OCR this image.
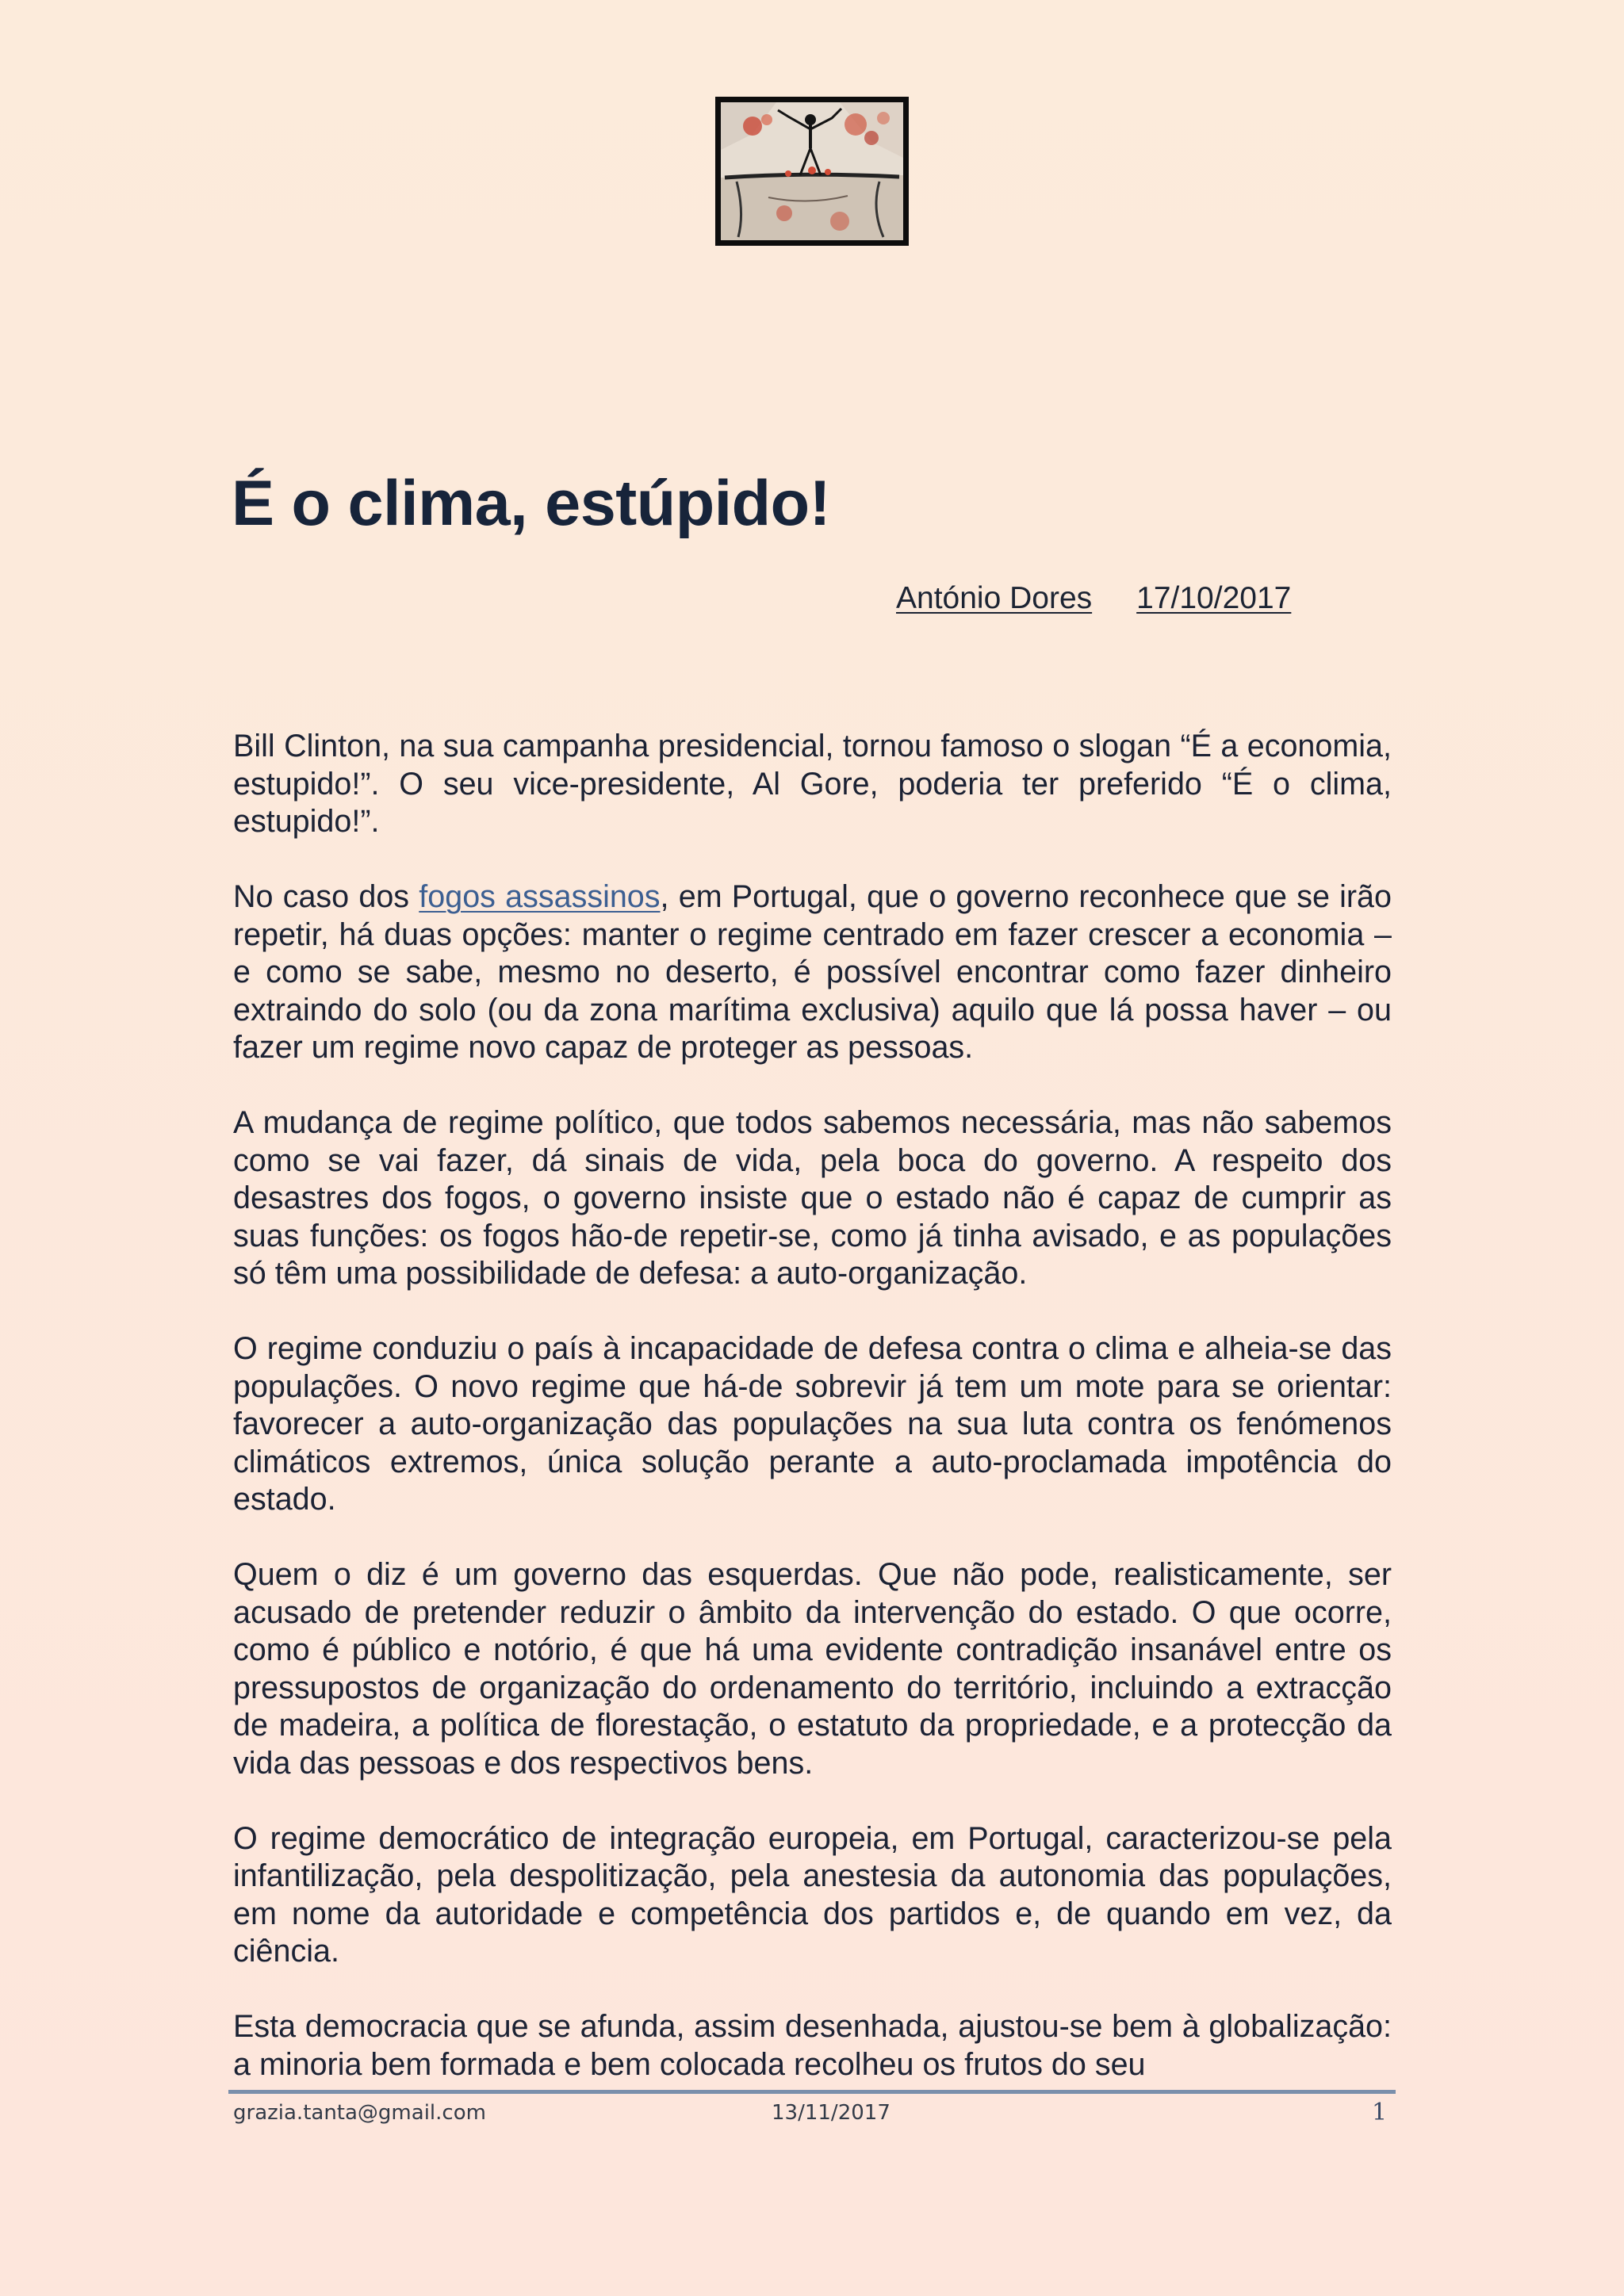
É o clima, estúpido!
António Dores 17/10/2017

Bill Clinton, na sua campanha presidencial, tornou famoso o slogan “É a economia, estupido!”. O seu vice-presidente, Al Gore, poderia ter preferido “É o clima, estupido!”.

No caso dos fogos assassinos, em Portugal, que o governo reconhece que se irão repetir, há duas opções: manter o regime centrado em fazer crescer a economia – e como se sabe, mesmo no deserto, é possível encontrar como fazer dinheiro extraindo do solo (ou da zona marítima exclusiva) aquilo que lá possa haver – ou fazer um regime novo capaz de proteger as pessoas.

A mudança de regime político, que todos sabemos necessária, mas não sabemos como se vai fazer, dá sinais de vida, pela boca do governo. A respeito dos desastres dos fogos, o governo insiste que o estado não é capaz de cumprir as suas funções: os fogos hão-de repetir-se, como já tinha avisado, e as populações só têm uma possibilidade de defesa: a auto-organização.

O regime conduziu o país à incapacidade de defesa contra o clima e alheia-se das populações. O novo regime que há-de sobrevir já tem um mote para se orientar: favorecer a auto-organização das populações na sua luta contra os fenómenos climáticos extremos, única solução perante a auto-proclamada impotência do estado.

Quem o diz é um governo das esquerdas. Que não pode, realisticamente, ser acusado de pretender reduzir o âmbito da intervenção do estado. O que ocorre, como é público e notório, é que há uma evidente contradição insanável entre os pressupostos de organização do ordenamento do território, incluindo a extracção de madeira, a política de florestação, o estatuto da propriedade, e a protecção da vida das pessoas e dos respectivos bens.

O regime democrático de integração europeia, em Portugal, caracterizou-se pela infantilização, pela despolitização, pela anestesia da autonomia das populações, em nome da autoridade e competência dos partidos e, de quando em vez, da ciência.

Esta democracia que se afunda, assim desenhada, ajustou-se bem à globalização: a minoria bem formada e bem colocada recolheu os frutos do seu

grazia.tanta@gmail.com	13/11/2017	1
